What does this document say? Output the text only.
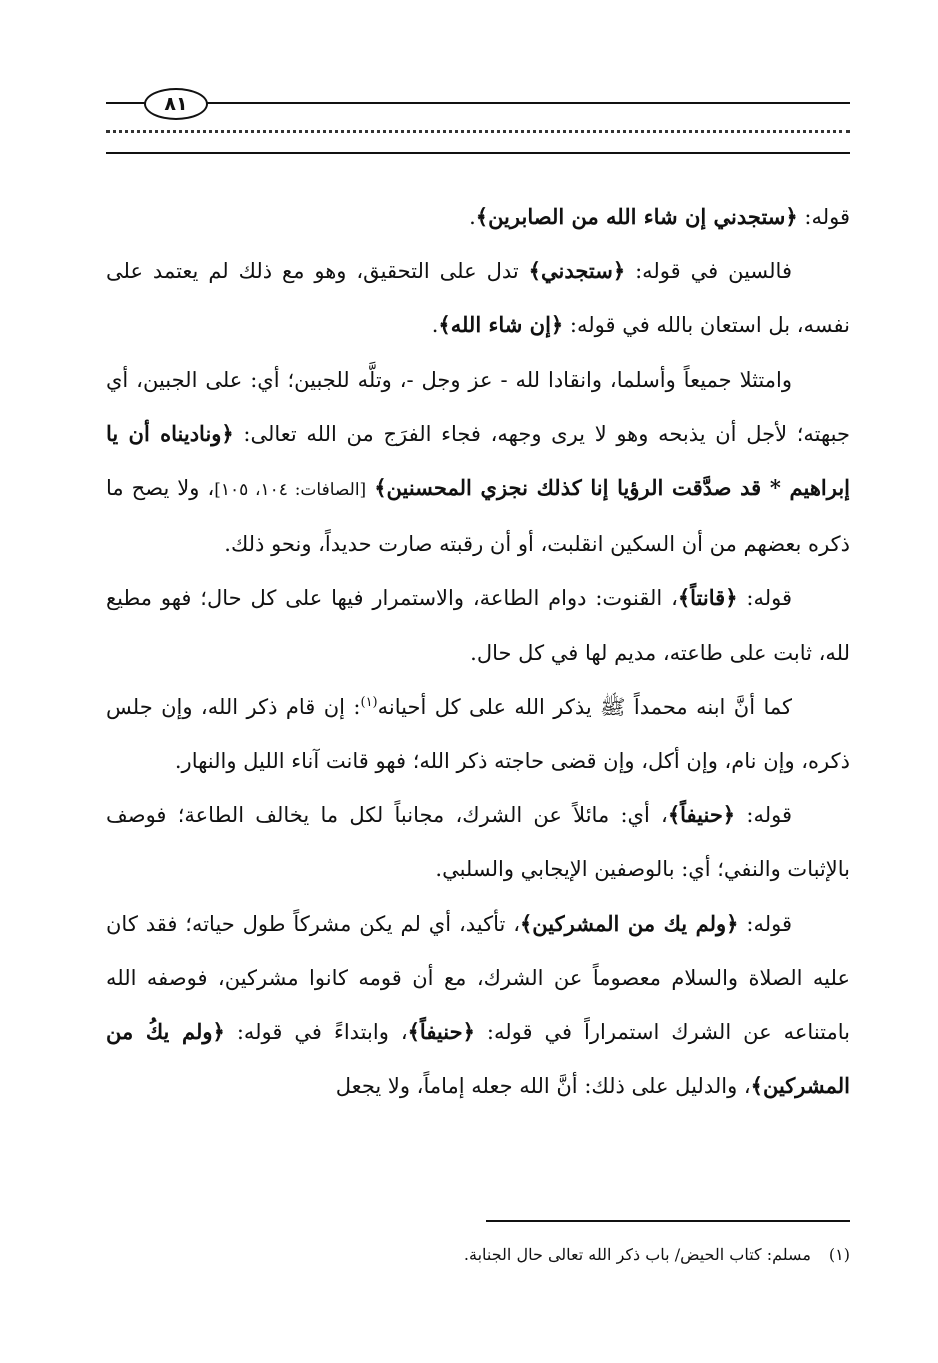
٨١

قوله: ﴿ستجدني إن شاء الله من الصابرين﴾.

فالسين في قوله: ﴿ستجدني﴾ تدل على التحقيق، وهو مع ذلك لم يعتمد على نفسه، بل استعان بالله في قوله: ﴿إن شاء الله﴾.

وامتثلا جميعاً وأسلما، وانقادا لله - عز وجل -، وتلَّه للجبين؛ أي: على الجبين، أي جبهته؛ لأجل أن يذبحه وهو لا يرى وجهه، فجاء الفرَج من الله تعالى: ﴿وناديناه أن يا إبراهيم * قد صدَّقت الرؤيا إنا كذلك نجزي المحسنين﴾ [الصافات: ١٠٤، ١٠٥]، ولا يصح ما ذكره بعضهم من أن السكين انقلبت، أو أن رقبته صارت حديداً، ونحو ذلك.

قوله: ﴿قانتاً﴾، القنوت: دوام الطاعة، والاستمرار فيها على كل حال؛ فهو مطيع لله، ثابت على طاعته، مديم لها في كل حال.

كما أنَّ ابنه محمداً ﷺ يذكر الله على كل أحيانه$^{(١)}$: إن قام ذكر الله، وإن جلس ذكره، وإن نام، وإن أكل، وإن قضى حاجته ذكر الله؛ فهو قانت آناء الليل والنهار.

قوله: ﴿حنيفاً﴾، أي: مائلاً عن الشرك، مجانباً لكل ما يخالف الطاعة؛ فوصف بالإثبات والنفي؛ أي: بالوصفين الإيجابي والسلبي.

قوله: ﴿ولم يك من المشركين﴾، تأكيد، أي لم يكن مشركاً طول حياته؛ فقد كان عليه الصلاة والسلام معصوماً عن الشرك، مع أن قومه كانوا مشركين، فوصفه الله بامتناعه عن الشرك استمراراً في قوله: ﴿حنيفاً﴾، وابتداءً في قوله: ﴿ولم يكُ من المشركين﴾، والدليل على ذلك: أنَّ الله جعله إماماً، ولا يجعل

(١)مسلم: كتاب الحيض/ باب ذكر الله تعالى حال الجنابة.
